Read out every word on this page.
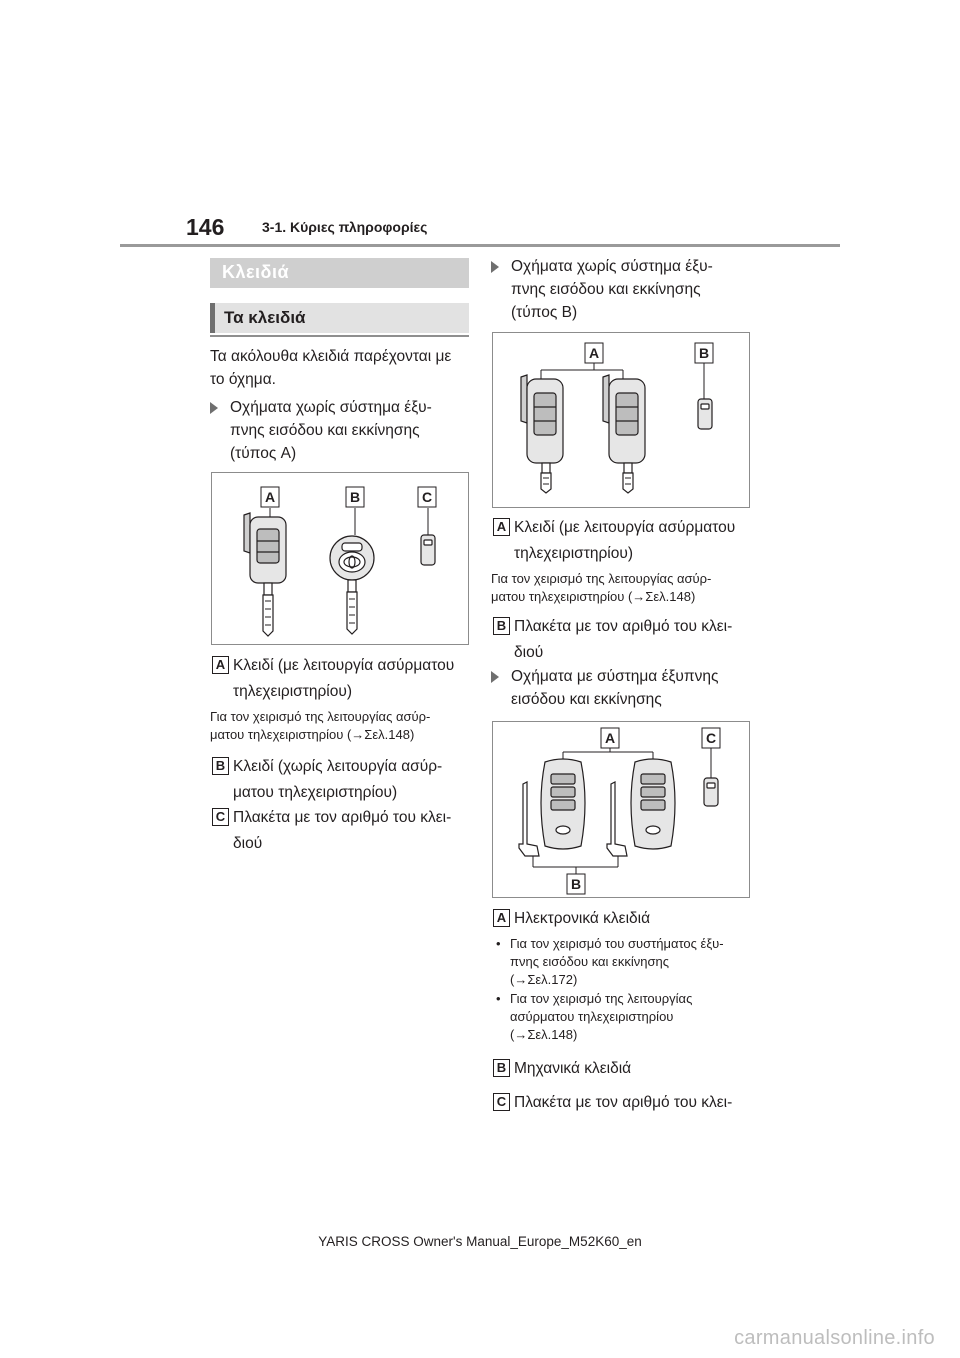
146	3-1. Κύριες πληροφορίες
Κλειδιά
Τα κλειδιά
Τα ακόλουθα κλειδιά παρέχονται με
το όχημα.
Οχήματα χωρίς σύστημα έξυ-
πνης εισόδου και εκκίνησης
(τύπος A)
A	B	C
A Κλειδί (με λειτουργία ασύρματου
τηλεχειριστηρίου)
Για τον χειρισμό της λειτουργίας ασύρ-
ματου τηλεχειριστηρίου (→Σελ.148)
B Κλειδί (χωρίς λειτουργία ασύρ-
ματου τηλεχειριστηρίου)
C Πλακέτα με τον αριθμό του κλει-
διού
Οχήματα χωρίς σύστημα έξυ-
πνης εισόδου και εκκίνησης
(τύπος B)
A	B
A Κλειδί (με λειτουργία ασύρματου
τηλεχειριστηρίου)
Για τον χειρισμό της λειτουργίας ασύρ-
ματου τηλεχειριστηρίου (→Σελ.148)
B Πλακέτα με τον αριθμό του κλει-
διού
Οχήματα με σύστημα έξυπνης
εισόδου και εκκίνησης
A	C
B
A Ηλεκτρονικά κλειδιά
• Για τον χειρισμό του συστήματος έξυ-
πνης εισόδου και εκκίνησης
(→Σελ.172)
• Για τον χειρισμό της λειτουργίας
ασύρματου τηλεχειριστηρίου
(→Σελ.148)
B Μηχανικά κλειδιά
C Πλακέτα με τον αριθμό του κλει-
YARIS CROSS Owner's Manual_Europe_M52K60_en
carmanualsonline.info
